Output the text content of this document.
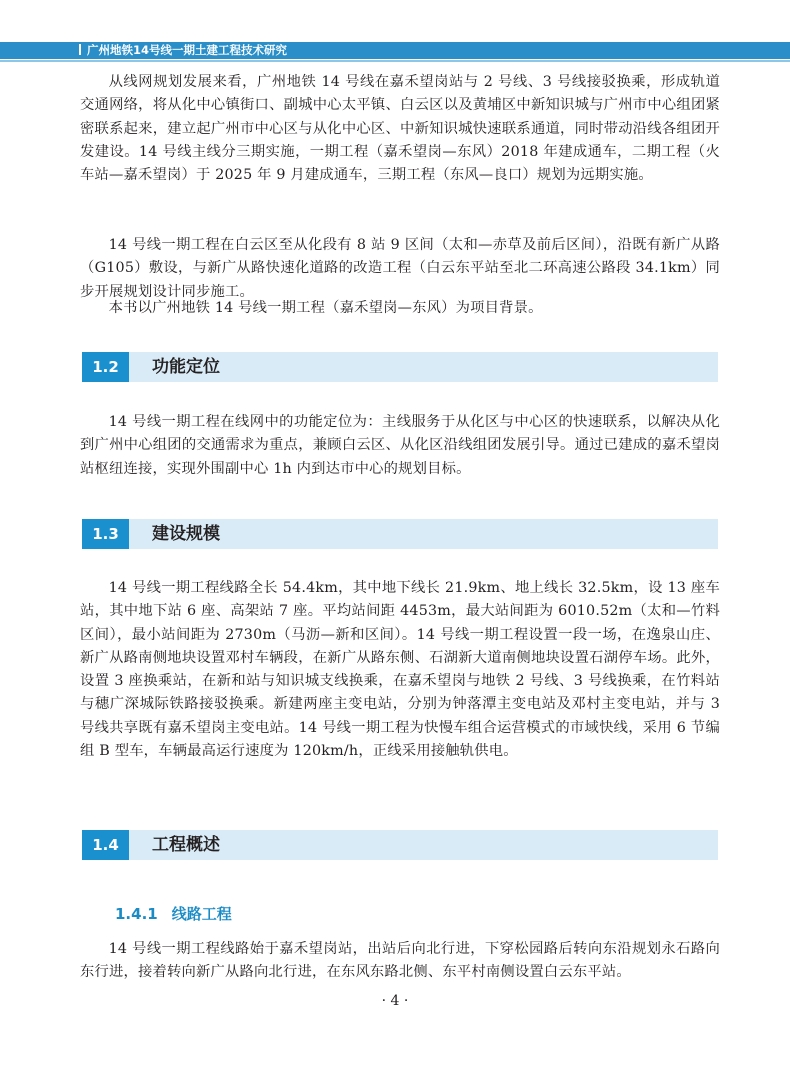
广州地铁14号线一期土建工程技术研究

从线网规划发展来看，广州地铁 14 号线在嘉禾望岗站与 2 号线、3 号线接驳换乘，形成轨道交通网络，将从化中心镇街口、副城中心太平镇、白云区以及黄埔区中新知识城与广州市中心组团紧密联系起来，建立起广州市中心区与从化中心区、中新知识城快速联系通道，同时带动沿线各组团开发建设。14 号线主线分三期实施，一期工程（嘉禾望岗—东风）2018 年建成通车，二期工程（火车站—嘉禾望岗）于 2025 年 9 月建成通车，三期工程（东风—良口）规划为远期实施。

14 号线一期工程在白云区至从化段有 8 站 9 区间（太和—赤草及前后区间），沿既有新广从路（G105）敷设，与新广从路快速化道路的改造工程（白云东平站至北二环高速公路段 34.1km）同步开展规划设计同步施工。

本书以广州地铁 14 号线一期工程（嘉禾望岗—东风）为项目背景。

1.2	功能定位

14 号线一期工程在线网中的功能定位为：主线服务于从化区与中心区的快速联系，以解决从化到广州中心组团的交通需求为重点，兼顾白云区、从化区沿线组团发展引导。通过已建成的嘉禾望岗站枢纽连接，实现外围副中心 1h 内到达市中心的规划目标。

1.3	建设规模

14 号线一期工程线路全长 54.4km，其中地下线长 21.9km、地上线长 32.5km，设 13 座车站，其中地下站 6 座、高架站 7 座。平均站间距 4453m，最大站间距为 6010.52m（太和—竹料区间），最小站间距为 2730m（马沥—新和区间）。14 号线一期工程设置一段一场，在逸泉山庄、新广从路南侧地块设置邓村车辆段，在新广从路东侧、石湖新大道南侧地块设置石湖停车场。此外，设置 3 座换乘站，在新和站与知识城支线换乘，在嘉禾望岗与地铁 2 号线、3 号线换乘，在竹料站与穗广深城际铁路接驳换乘。新建两座主变电站，分别为钟落潭主变电站及邓村主变电站，并与 3 号线共享既有嘉禾望岗主变电站。14 号线一期工程为快慢车组合运营模式的市域快线，采用 6 节编组 B 型车，车辆最高运行速度为 120km/h，正线采用接触轨供电。

1.4	工程概述
1.4.1 线路工程

14 号线一期工程线路始于嘉禾望岗站，出站后向北行进，下穿松园路后转向东沿规划永石路向东行进，接着转向新广从路向北行进，在东风东路北侧、东平村南侧设置白云东平站。

· 4 ·
